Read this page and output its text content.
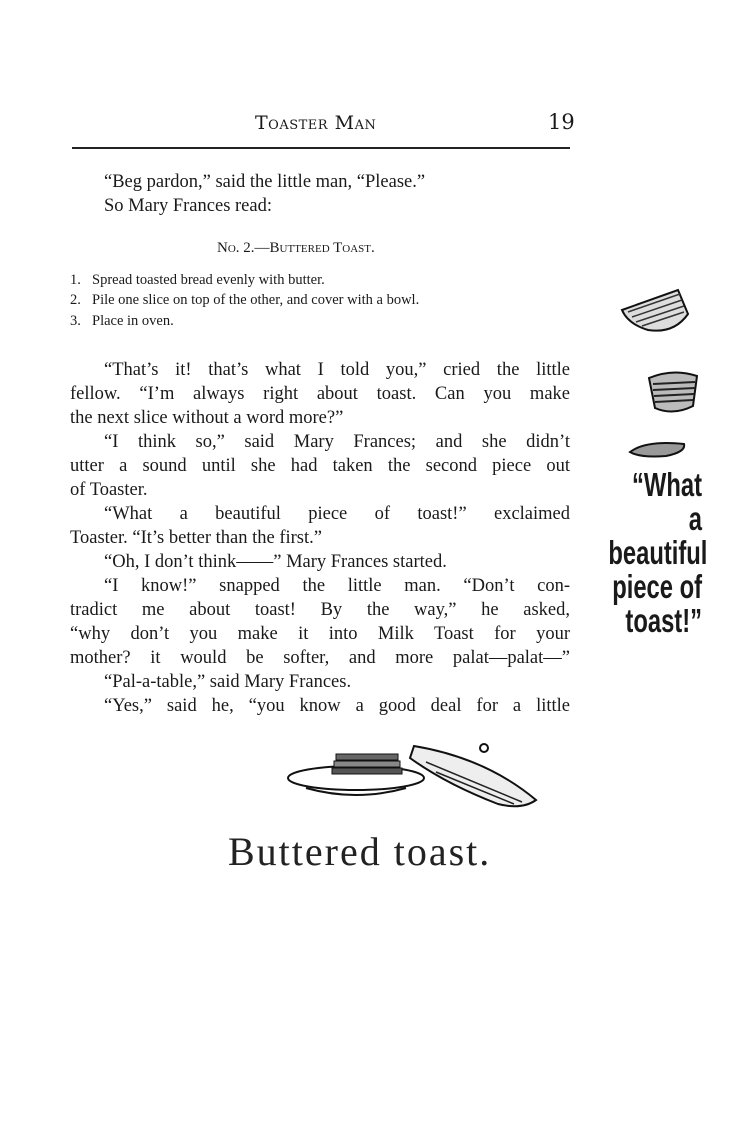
Toaster Man	19
“Beg pardon,” said the little man, “Please.”
So Mary Frances read:
No. 2.—Buttered Toast.
1. Spread toasted bread evenly with butter.
2. Pile one slice on top of the other, and cover with a bowl.
3. Place in oven.
“That’s it! that’s what I told you,” cried the little
fellow. “I’m always right about toast. Can you make
the next slice without a word more?”
“I think so,” said Mary Frances; and she didn’t
utter a sound until she had taken the second piece out
of Toaster.
“What a beautiful piece of toast!” exclaimed
Toaster. “It’s better than the first.”
“Oh, I don’t think——” Mary Frances started.
“I know!” snapped the little man. “Don’t con-
tradict me about toast! By the way,” he asked,
“why don’t you make it into Milk Toast for your
mother? it would be softer, and more palat—palat—”
“Pal-a-table,” said Mary Frances.
“Yes,” said he, “you know a good deal for a little
“What
a
beautiful
piece of
toast!”
Buttered toast.
